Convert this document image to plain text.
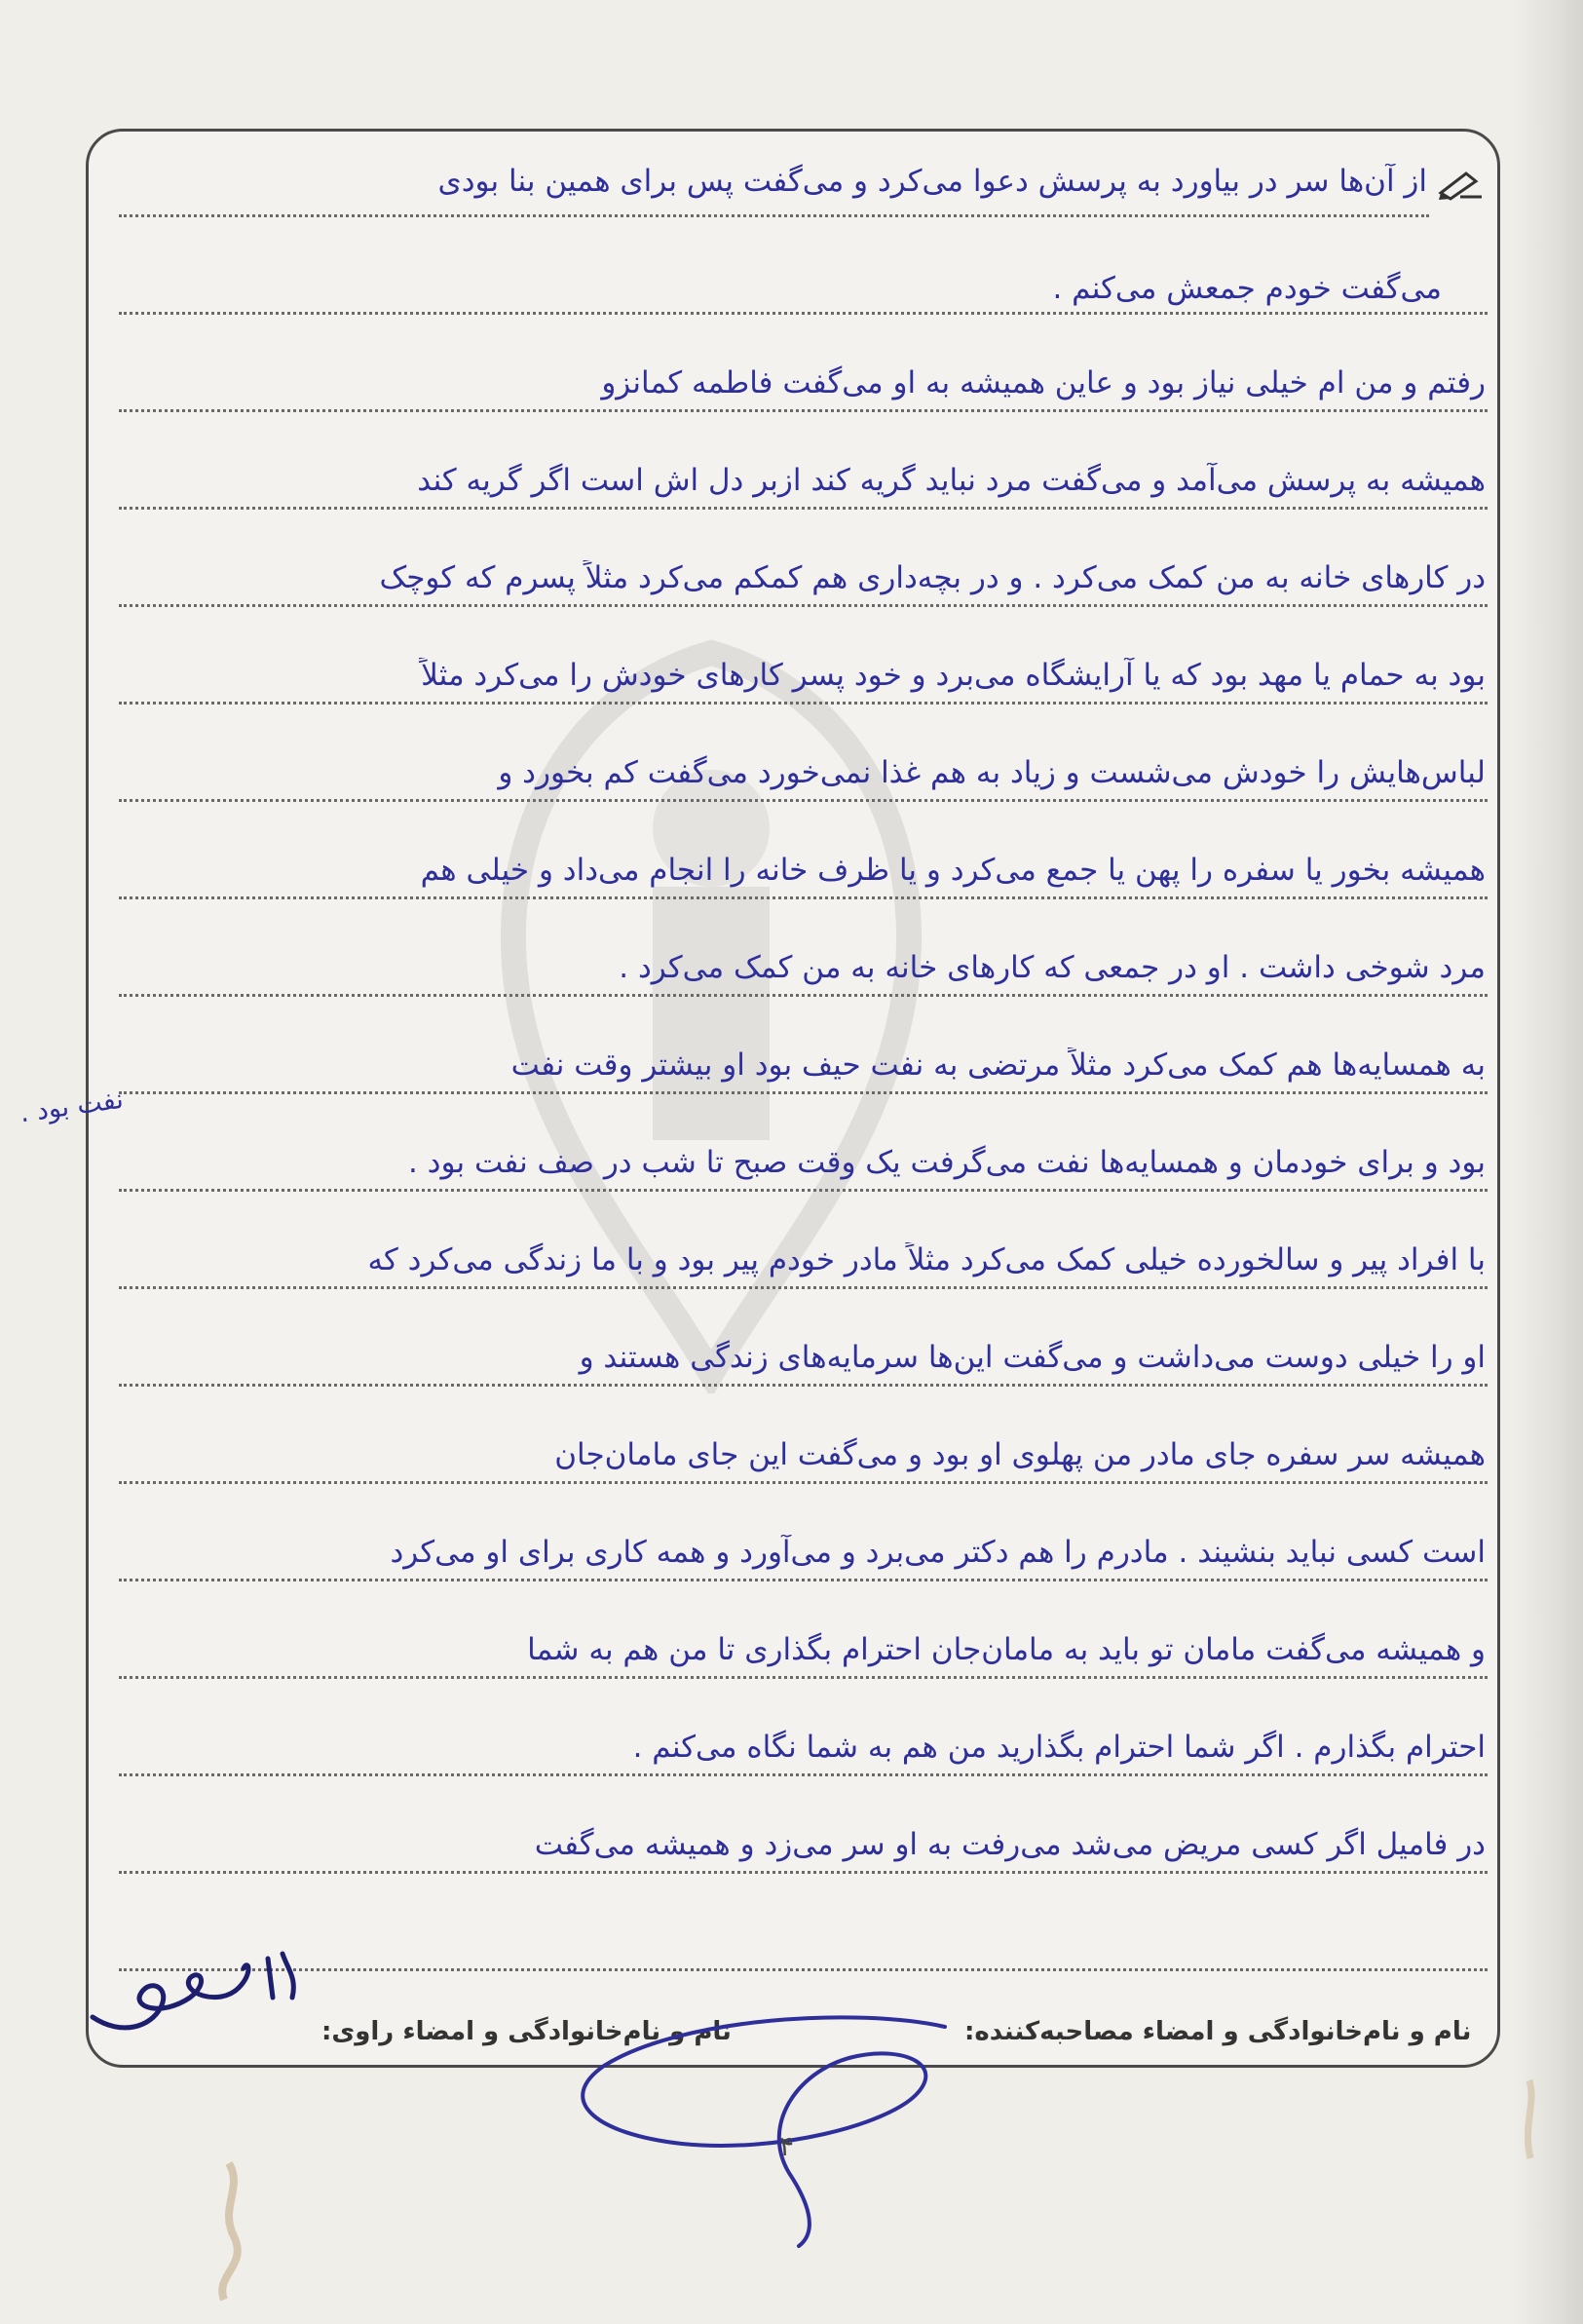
از آن‌ها سر در بیاورد به پرسش دعوا می‌کرد و می‌گفت پس برای همین بنا بودی
می‌گفت خودم جمعش می‌کنم .
رفتم و من ام خیلی نیاز بود و عاین همیشه به او می‌گفت فاطمه کمانزو
همیشه به پرسش می‌آمد و می‌گفت مرد نباید گریه کند ازبر دل اش است اگر گریه کند
در کارهای خانه به من کمک می‌کرد . و در بچه‌داری هم کمکم می‌کرد مثلاً پسرم که کوچک
بود به حمام یا مهد بود که یا آرایشگاه می‌برد و خود پسر کارهای خودش را می‌کرد مثلاً
لباس‌هایش را خودش می‌شست و زیاد به هم غذا نمی‌خورد می‌گفت کم بخورد و
همیشه بخور یا سفره را پهن یا جمع می‌کرد و یا ظرف خانه را انجام می‌داد و خیلی هم
مرد شوخی داشت . او در جمعی که کارهای خانه به من کمک می‌کرد .
به همسایه‌ها هم کمک می‌کرد مثلاً مرتضی به نفت حیف بود او بیشتر وقت نفت
بود و برای خودمان و همسایه‌ها نفت می‌گرفت یک وقت صبح تا شب در صف نفت بود .
با افراد پیر و سالخورده خیلی کمک می‌کرد مثلاً مادر خودم پیر بود و با ما زندگی می‌کرد که
او را خیلی دوست می‌داشت و می‌گفت این‌ها سرمایه‌های زندگی هستند و
همیشه سر سفره جای مادر من پهلوی او بود و می‌گفت این جای مامان‌جان
است کسی نباید بنشیند . مادرم را هم دکتر می‌برد و می‌آورد و همه کاری برای او می‌کرد
و همیشه می‌گفت مامان تو باید به مامان‌جان احترام بگذاری تا من هم به شما
احترام بگذارم . اگر شما احترام بگذارید من هم به شما نگاه می‌کنم .
در فامیل اگر کسی مریض می‌شد می‌رفت به او سر می‌زد و همیشه می‌گفت
نفت بود .
نام و نام‌خانوادگی و امضاء مصاحبه‌کننده:
نام و نام‌خانوادگی و امضاء راوی:
۴
